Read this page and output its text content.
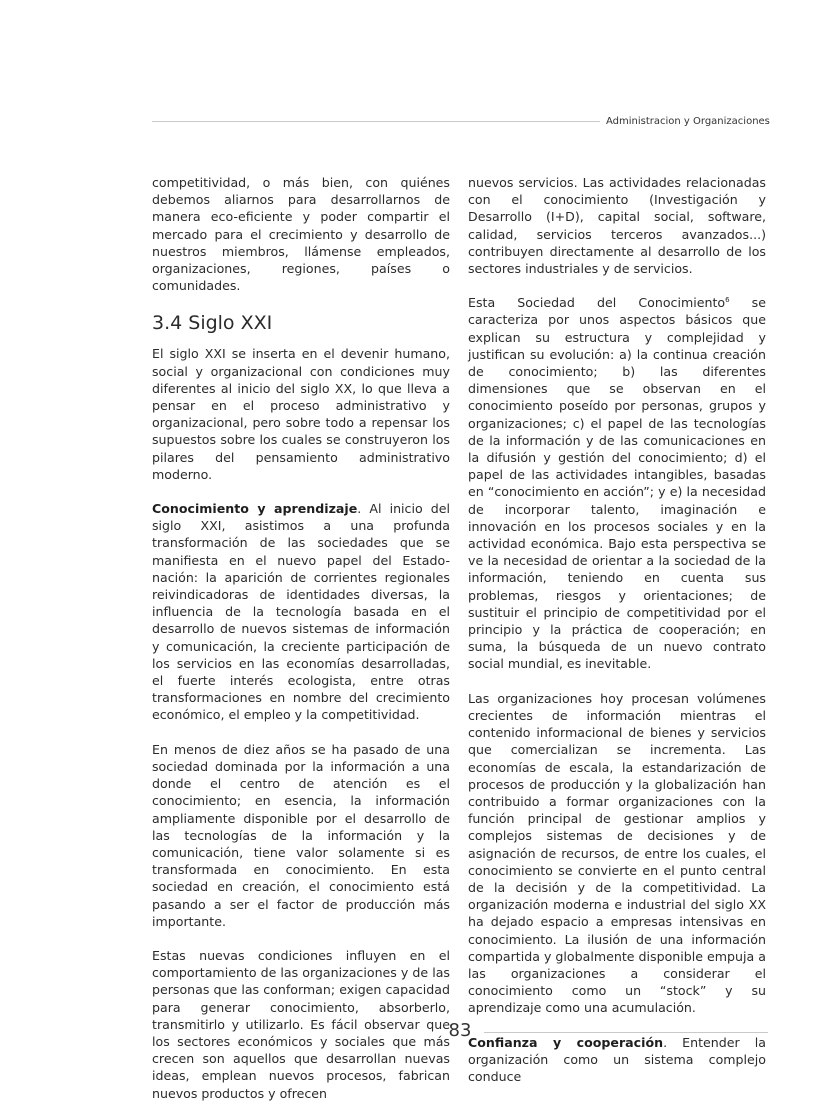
Administracion y Organizaciones

competitividad, o más bien, con quiénes debemos aliarnos para desarrollarnos de manera eco-eficiente y poder compartir el mercado para el crecimiento y desarrollo de nuestros miembros, llámense empleados, organizaciones, regiones, países o comunidades.

3.4 Siglo XXI

El siglo XXI se inserta en el devenir humano, social y organizacional con condiciones muy diferentes al inicio del siglo XX, lo que lleva a pensar en el proceso administrativo y organizacional, pero sobre todo a repensar los supuestos sobre los cuales se construyeron los pilares del pensamiento administrativo moderno.

Conocimiento y aprendizaje. Al inicio del siglo XXI, asistimos a una profunda transformación de las sociedades que se manifiesta en el nuevo papel del Estado-nación: la aparición de corrientes regionales reivindicadoras de identidades diversas, la influencia de la tecnología basada en el desarrollo de nuevos sistemas de información y comunicación, la creciente participación de los servicios en las economías desarrolladas, el fuerte interés ecologista, entre otras transformaciones en nombre del crecimiento económico, el empleo y la competitividad.

En menos de diez años se ha pasado de una sociedad dominada por la información a una donde el centro de atención es el conocimiento; en esencia, la información ampliamente disponible por el desarrollo de las tecnologías de la información y la comunicación, tiene valor solamente si es transformada en conocimiento. En esta sociedad en creación, el conocimiento está pasando a ser el factor de producción más importante.

Estas nuevas condiciones influyen en el comportamiento de las organizaciones y de las personas que las conforman; exigen capacidad para generar conocimiento, absorberlo, transmitirlo y utilizarlo. Es fácil observar que los sectores económicos y sociales que más crecen son aquellos que desarrollan nuevas ideas, emplean nuevos procesos, fabrican nuevos productos y ofrecen

nuevos servicios. Las actividades relacionadas con el conocimiento (Investigación y Desarrollo (I+D), capital social, software, calidad, servicios terceros avanzados...) contribuyen directamente al desarrollo de los sectores industriales y de servicios.

Esta Sociedad del Conocimiento$^6$ se caracteriza por unos aspectos básicos que explican su estructura y complejidad y justifican su evolución: a) la continua creación de conocimiento; b) las diferentes dimensiones que se observan en el conocimiento poseído por personas, grupos y organizaciones; c) el papel de las tecnologías de la información y de las comunicaciones en la difusión y gestión del conocimiento; d) el papel de las actividades intangibles, basadas en “conocimiento en acción”; y e) la necesidad de incorporar talento, imaginación e innovación en los procesos sociales y en la actividad económica. Bajo esta perspectiva se ve la necesidad de orientar a la sociedad de la información, teniendo en cuenta sus problemas, riesgos y orientaciones; de sustituir el principio de competitividad por el principio y la práctica de cooperación; en suma, la búsqueda de un nuevo contrato social mundial, es inevitable.

Las organizaciones hoy procesan volúmenes crecientes de información mientras el contenido informacional de bienes y servicios que comercializan se incrementa. Las economías de escala, la estandarización de procesos de producción y la globalización han contribuido a formar organizaciones con la función principal de gestionar amplios y complejos sistemas de decisiones y de asignación de recursos, de entre los cuales, el conocimiento se convierte en el punto central de la decisión y de la competitividad. La organización moderna e industrial del siglo XX ha dejado espacio a empresas intensivas en conocimiento. La ilusión de una información compartida y globalmente disponible empuja a las organizaciones a considerar el conocimiento como un “stock” y su aprendizaje como una acumulación.

Confianza y cooperación. Entender la organización como un sistema complejo conduce

83
